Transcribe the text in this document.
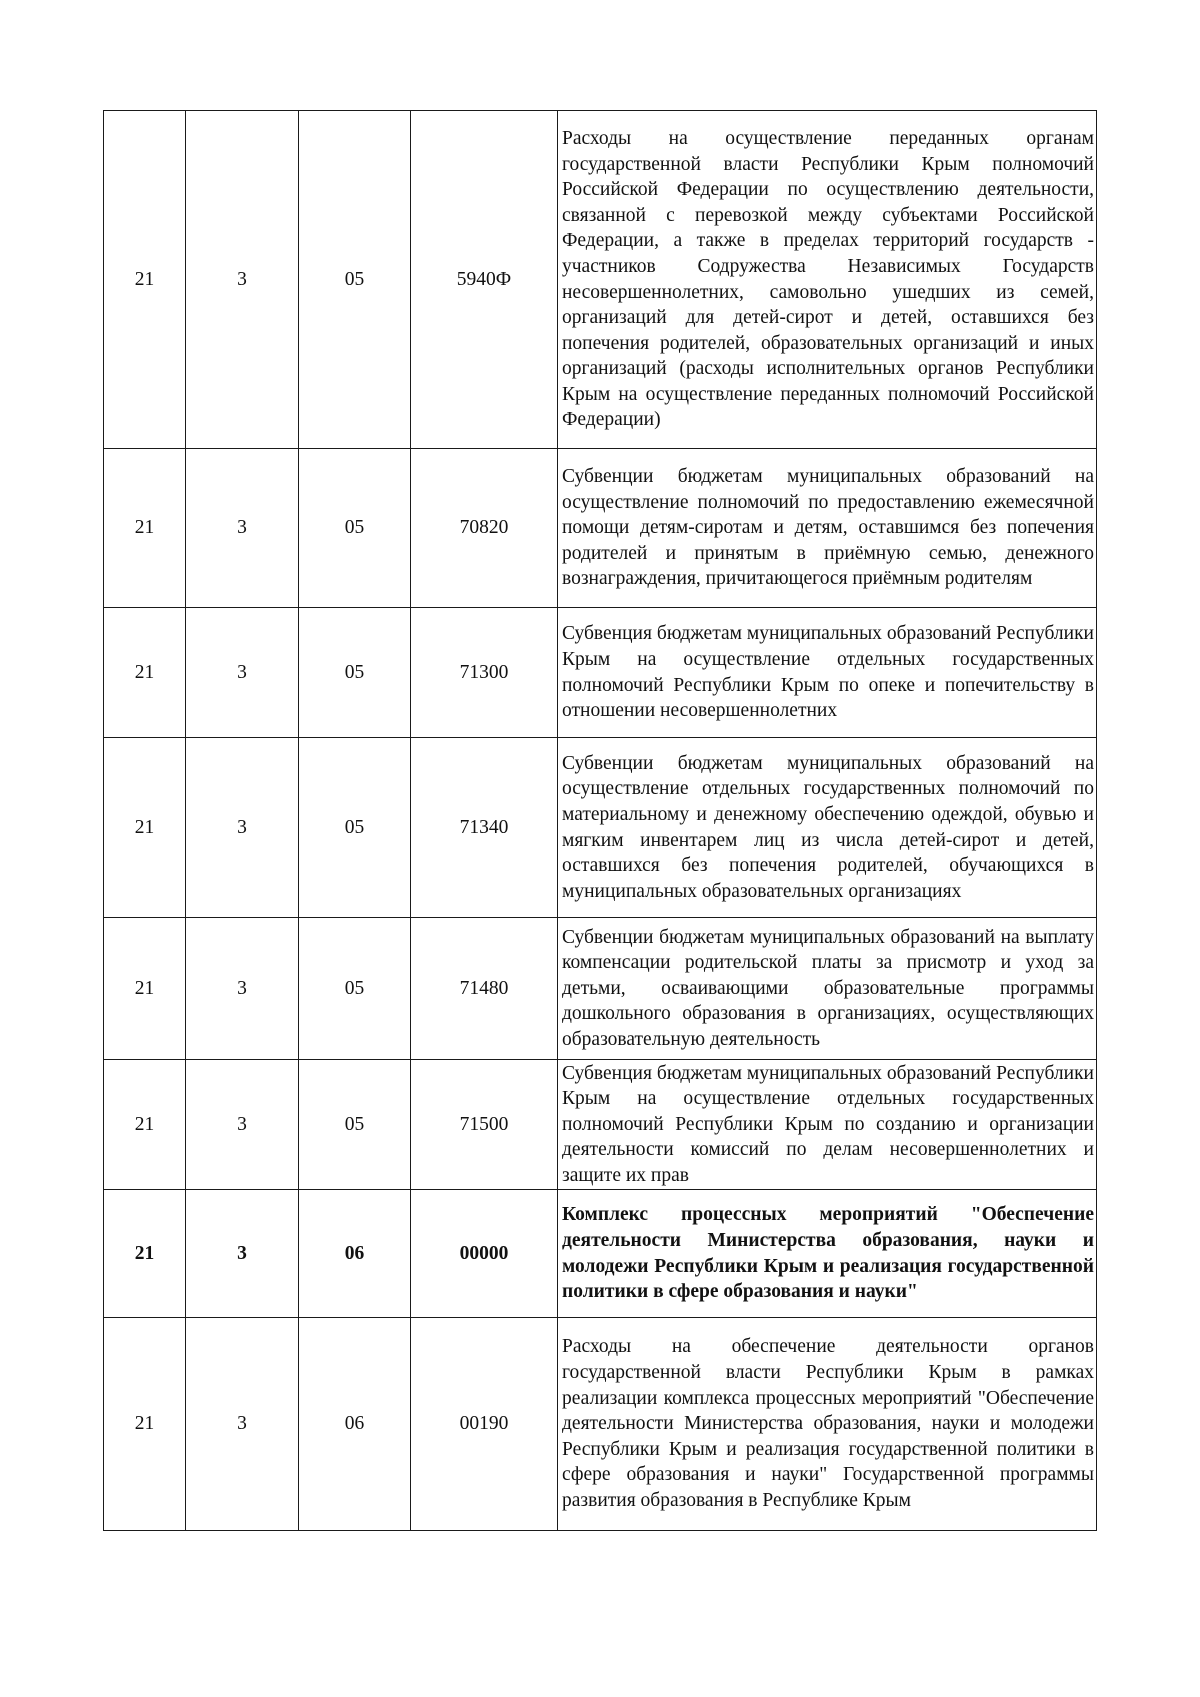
21	3	05	5940Ф	Расходы на осуществление переданных органам государственной власти Республики Крым полномочий Российской Федерации по осуществлению деятельности, связанной с перевозкой между субъектами Российской Федерации, а также в пределах территорий государств - участников Содружества Независимых Государств несовершеннолетних, самовольно ушедших из семей, организаций для детей-сирот и детей, оставшихся без попечения родителей, образовательных организаций и иных организаций (расходы исполнительных органов Республики Крым на осуществление переданных полномочий Российской Федерации)
21	3	05	70820	Субвенции бюджетам муниципальных образований на осуществление полномочий по предоставлению ежемесячной помощи детям-сиротам и детям, оставшимся без попечения родителей и принятым в приёмную семью, денежного вознаграждения, причитающегося приёмным родителям
21	3	05	71300	Субвенция бюджетам муниципальных образований Республики Крым на осуществление отдельных государственных полномочий Республики Крым по опеке и попечительству в отношении несовершеннолетних
21	3	05	71340	Субвенции бюджетам муниципальных образований на осуществление отдельных государственных полномочий по материальному и денежному обеспечению одеждой, обувью и мягким инвентарем лиц из числа детей-сирот и детей, оставшихся без попечения родителей, обучающихся в муниципальных образовательных организациях
21	3	05	71480	Субвенции бюджетам муниципальных образований на выплату компенсации родительской платы за присмотр и уход за детьми, осваивающими образовательные программы дошкольного образования в организациях, осуществляющих образовательную деятельность
21	3	05	71500	Субвенция бюджетам муниципальных образований Республики Крым на осуществление отдельных государственных полномочий Республики Крым по созданию и организации деятельности комиссий по делам несовершеннолетних и защите их прав
21	3	06	00000	Комплекс процессных мероприятий "Обеспечение деятельности Министерства образования, науки и молодежи Республики Крым и реализация государственной политики в сфере образования и науки"
21	3	06	00190	Расходы на обеспечение деятельности органов государственной власти Республики Крым в рамках реализации комплекса процессных мероприятий "Обеспечение деятельности Министерства образования, науки и молодежи Республики Крым и реализация государственной политики в сфере образования и науки" Государственной программы развития образования в Республике Крым
